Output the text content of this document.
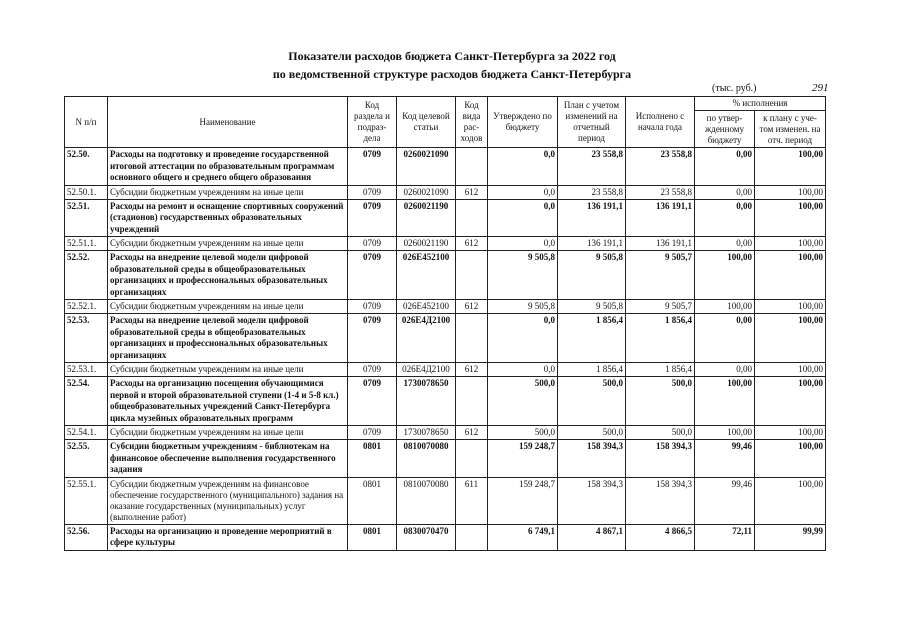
Показатели расходов бюджета Санкт-Петербурга за 2022 год
по ведомственной структуре расходов бюджета Санкт-Петербурга
(тыс. руб.)	291
N п/п	Наименование	Код раздела и подраз-дела	Код целевой статьи	Код вида рас-ходов	Утверждено по бюджету	План с учетом изменений на отчетный период	Исполнено с начала года	% исполнения	
								по утвер-жденному бюджету	к плану с уче-том изменен. на отч. период
52.50.	Расходы на подготовку и проведение государственной итоговой аттестации по образовательным программам основного общего и среднего общего образования	0709	0260021090		0,0	23 558,8	23 558,8	0,00	100,00
52.50.1.	Субсидии бюджетным учреждениям на иные цели	0709	0260021090	612	0,0	23 558,8	23 558,8	0,00	100,00
52.51.	Расходы на ремонт и оснащение спортивных сооружений (стадионов) государственных образовательных учреждений	0709	0260021190		0,0	136 191,1	136 191,1	0,00	100,00
52.51.1.	Субсидии бюджетным учреждениям на иные цели	0709	0260021190	612	0,0	136 191,1	136 191,1	0,00	100,00
52.52.	Расходы на внедрение целевой модели цифровой образовательной среды в общеобразовательных организациях и профессиональных образовательных организациях	0709	026Е452100		9 505,8	9 505,8	9 505,7	100,00	100,00
52.52.1.	Субсидии бюджетным учреждениям на иные цели	0709	026Е452100	612	9 505,8	9 505,8	9 505,7	100,00	100,00
52.53.	Расходы на внедрение целевой модели цифровой образовательной среды в общеобразовательных организациях и профессиональных образовательных организациях	0709	026Е4Д2100		0,0	1 856,4	1 856,4	0,00	100,00
52.53.1.	Субсидии бюджетным учреждениям на иные цели	0709	026Е4Д2100	612	0,0	1 856,4	1 856,4	0,00	100,00
52.54.	Расходы на организацию посещения обучающимися первой и второй образовательной ступени (1-4 и 5-8 кл.) общеобразовательных учреждений Санкт-Петербурга цикла музейных образовательных программ	0709	1730078650		500,0	500,0	500,0	100,00	100,00
52.54.1.	Субсидии бюджетным учреждениям на иные цели	0709	1730078650	612	500,0	500,0	500,0	100,00	100,00
52.55.	Субсидии бюджетным учреждениям - библиотекам на финансовое обеспечение выполнения государственного задания	0801	0810070080		159 248,7	158 394,3	158 394,3	99,46	100,00
52.55.1.	Субсидии бюджетным учреждениям на финансовое обеспечение государственного (муниципального) задания на оказание государственных (муниципальных) услуг (выполнение работ)	0801	0810070080	611	159 248,7	158 394,3	158 394,3	99,46	100,00
52.56.	Расходы на организацию и проведение мероприятий в сфере культуры	0801	0830070470		6 749,1	4 867,1	4 866,5	72,11	99,99
